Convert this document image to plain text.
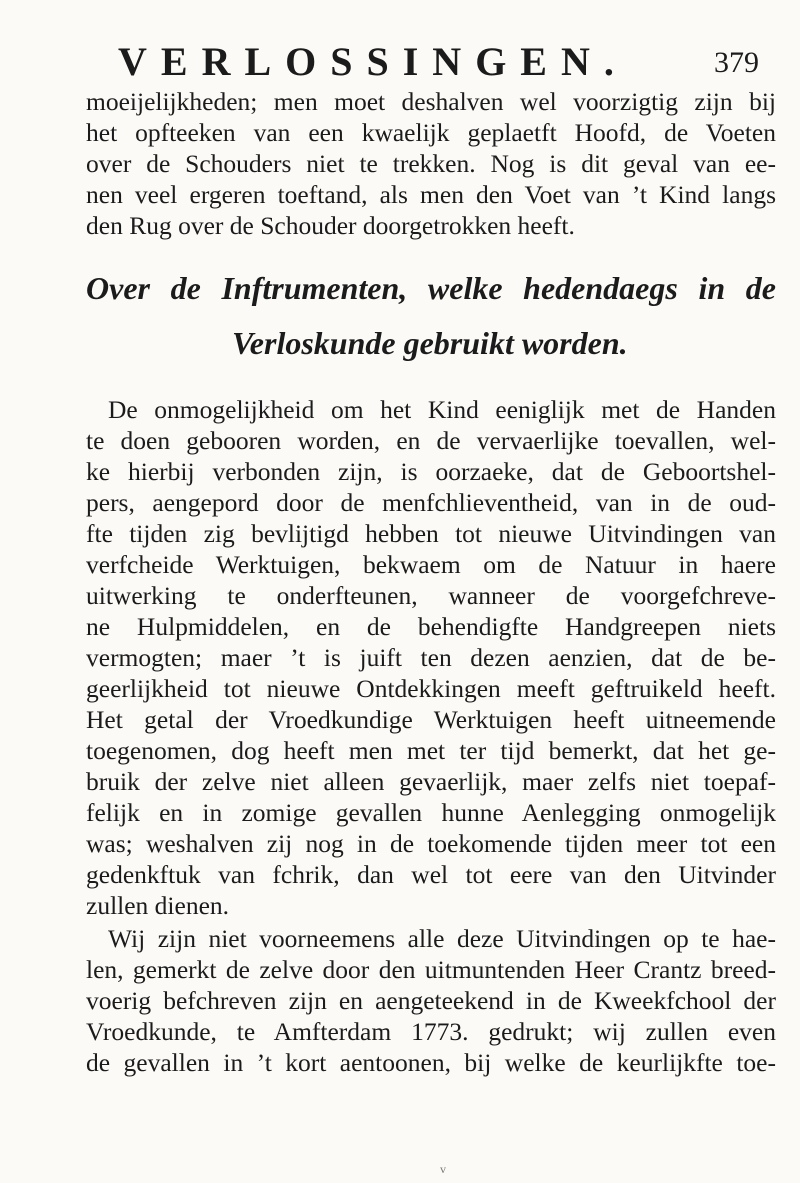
VERLOSSINGEN.	379
moeijelijkheden; men moet deshalven wel voorzigtig zijn bij
het opfteeken van een kwaelijk geplaetft Hoofd, de Voeten
over de Schouders niet te trekken. Nog is dit geval van ee-
nen veel ergeren toeftand, als men den Voet van ’t Kind langs
den Rug over de Schouder doorgetrokken heeft.
Over de Inftrumenten, welke hedendaegs in de
Verloskunde gebruikt worden.
De onmogelijkheid om het Kind eeniglijk met de Handen
te doen gebooren worden, en de vervaerlijke toevallen, wel-
ke hierbij verbonden zijn, is oorzaeke, dat de Geboortshel-
pers, aengepord door de menfchlieventheid, van in de oud-
fte tijden zig bevlijtigd hebben tot nieuwe Uitvindingen van
verfcheide Werktuigen, bekwaem om de Natuur in haere
uitwerking te onderfteunen, wanneer de voorgefchreve-
ne Hulpmiddelen, en de behendigfte Handgreepen niets
vermogten; maer ’t is juift ten dezen aenzien, dat de be-
geerlijkheid tot nieuwe Ontdekkingen meeft geftruikeld heeft.
Het getal der Vroedkundige Werktuigen heeft uitneemende
toegenomen, dog heeft men met ter tijd bemerkt, dat het ge-
bruik der zelve niet alleen gevaerlijk, maer zelfs niet toepaf-
felijk en in zomige gevallen hunne Aenlegging onmogelijk
was; weshalven zij nog in de toekomende tijden meer tot een
gedenkftuk van fchrik, dan wel tot eere van den Uitvinder
zullen dienen.
Wij zijn niet voorneemens alle deze Uitvindingen op te hae-
len, gemerkt de zelve door den uitmuntenden Heer Crantz breed-
voerig befchreven zijn en aengeteekend in de Kweekfchool der
Vroedkunde, te Amfterdam 1773. gedrukt; wij zullen even
de gevallen in ’t kort aentoonen, bij welke de keurlijkfte toe-
v
